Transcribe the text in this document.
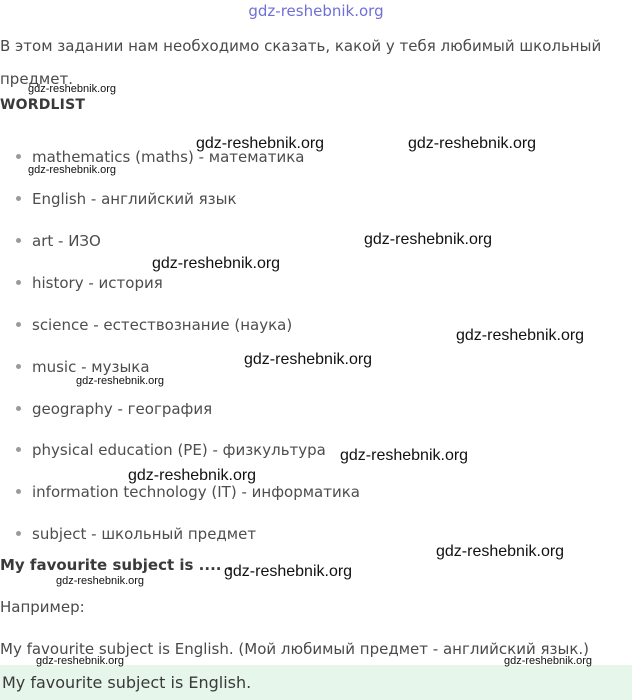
gdz-reshebnik.org
В этом задании нам необходимо сказать, какой у тебя любимый школьный предмет.
WORDLIST
mathematics (maths) - математика
English - английский язык
art - ИЗО
history - история
science - естествознание (наука)
music - музыка
geography - география
physical education (PE) - физкультура
information technology (IT) - информатика
subject - школьный предмет
My favourite subject is .... .
Например:
My favourite subject is English. (Мой любимый предмет - английский язык.)
My favourite subject is English.
gdz-reshebnik.org
gdz-reshebnik.org	gdz-reshebnik.org
gdz-reshebnik.org
gdz-reshebnik.org
gdz-reshebnik.org
gdz-reshebnik.org
gdz-reshebnik.org
gdz-reshebnik.org
gdz-reshebnik.org
gdz-reshebnik.org
gdz-reshebnik.org
gdz-reshebnik.org
gdz-reshebnik.org
gdz-reshebnik.org	gdz-reshebnik.org
